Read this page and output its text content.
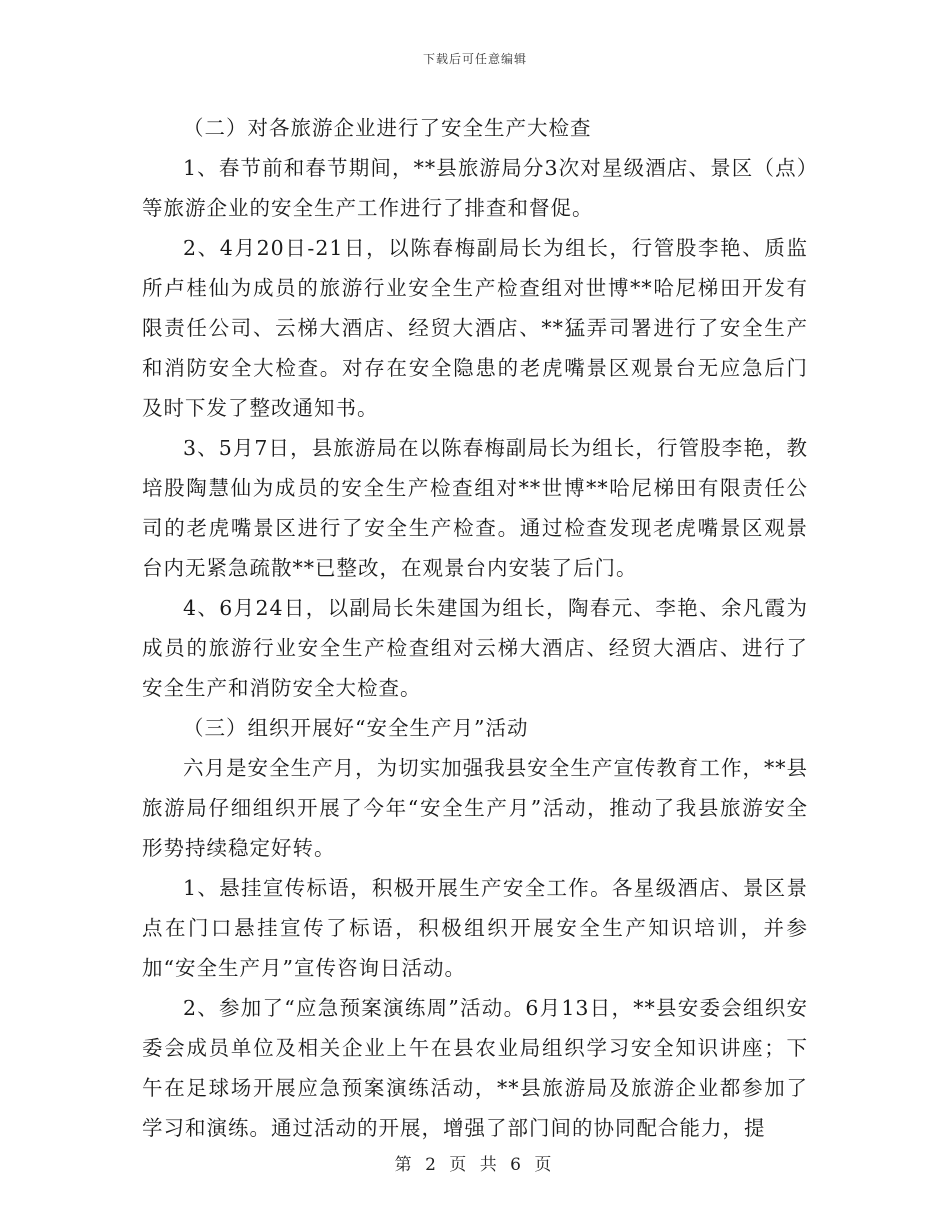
下载后可任意编辑

（二）对各旅游企业进行了安全生产大检查

1、春节前和春节期间，**县旅游局分3次对星级酒店、景区（点）等旅游企业的安全生产工作进行了排查和督促。

2、4月20日-21日，以陈春梅副局长为组长，行管股李艳、质监所卢桂仙为成员的旅游行业安全生产检查组对世博**哈尼梯田开发有限责任公司、云梯大酒店、经贸大酒店、**猛弄司署进行了安全生产和消防安全大检查。对存在安全隐患的老虎嘴景区观景台无应急后门及时下发了整改通知书。

3、5月7日，县旅游局在以陈春梅副局长为组长，行管股李艳，教培股陶慧仙为成员的安全生产检查组对**世博**哈尼梯田有限责任公司的老虎嘴景区进行了安全生产检查。通过检查发现老虎嘴景区观景台内无紧急疏散**已整改，在观景台内安装了后门。

4、6月24日，以副局长朱建国为组长，陶春元、李艳、余凡霞为成员的旅游行业安全生产检查组对云梯大酒店、经贸大酒店、进行了安全生产和消防安全大检查。

（三）组织开展好“安全生产月”活动

六月是安全生产月，为切实加强我县安全生产宣传教育工作，**县旅游局仔细组织开展了今年“安全生产月”活动，推动了我县旅游安全形势持续稳定好转。

1、悬挂宣传标语，积极开展生产安全工作。各星级酒店、景区景点在门口悬挂宣传了标语，积极组织开展安全生产知识培训，并参加“安全生产月”宣传咨询日活动。

2、参加了“应急预案演练周”活动。6月13日，**县安委会组织安委会成员单位及相关企业上午在县农业局组织学习安全知识讲座；下午在足球场开展应急预案演练活动，**县旅游局及旅游企业都参加了学习和演练。通过活动的开展，增强了部门间的协同配合能力，提

第 2 页 共 6 页
